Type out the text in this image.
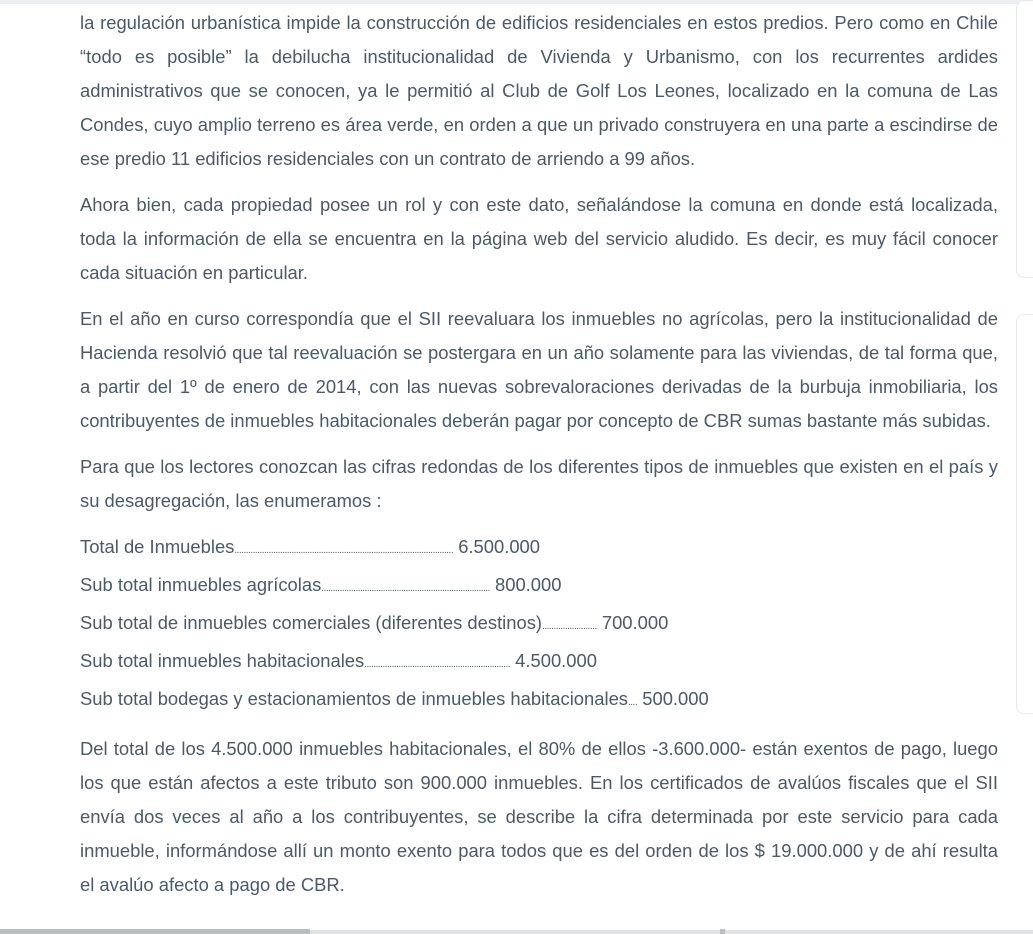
la regulación urbanística impide la construcción de edificios residenciales en estos predios. Pero como en Chile “todo es posible” la debilucha institucionalidad de Vivienda y Urbanismo, con los recurrentes ardides administrativos que se conocen, ya le permitió al Club de Golf Los Leones, localizado en la comuna de Las Condes, cuyo amplio terreno es área verde, en orden a que un privado construyera en una parte a escindirse de ese predio 11 edificios residenciales con un contrato de arriendo a 99 años.

Ahora bien, cada propiedad posee un rol y con este dato, señalándose la comuna en donde está localizada, toda la información de ella se encuentra en la página web del servicio aludido. Es decir, es muy fácil conocer cada situación en particular.

En el año en curso correspondía que el SII reevaluara los inmuebles no agrícolas, pero la institucionalidad de Hacienda resolvió que tal reevaluación se postergara en un año solamente para las viviendas, de tal forma que, a partir del 1º de enero de 2014, con las nuevas sobrevaloraciones derivadas de la burbuja inmobiliaria, los contribuyentes de inmuebles habitacionales deberán pagar por concepto de CBR sumas bastante más subidas.

Para que los lectores conozcan las cifras redondas de los diferentes tipos de inmuebles que existen en el país y su desagregación, las enumeramos :

Total de Inmuebles................................................................................................ 6.500.000
Sub total inmuebles agrícolas.......................................................................... 800.000
Sub total de inmuebles comerciales (diferentes destinos)........................ 700.000
Sub total inmuebles habitacionales................................................................ 4.500.000
Sub total bodegas y estacionamientos de inmuebles habitacionales.... 500.000

Del total de los 4.500.000 inmuebles habitacionales, el 80% de ellos -3.600.000- están exentos de pago, luego los que están afectos a este tributo son 900.000 inmuebles. En los certificados de avalúos fiscales que el SII envía dos veces al año a los contribuyentes, se describe la cifra determinada por este servicio para cada inmueble, informándose allí un monto exento para todos que es del orden de los $ 19.000.000 y de ahí resulta el avalúo afecto a pago de CBR.
